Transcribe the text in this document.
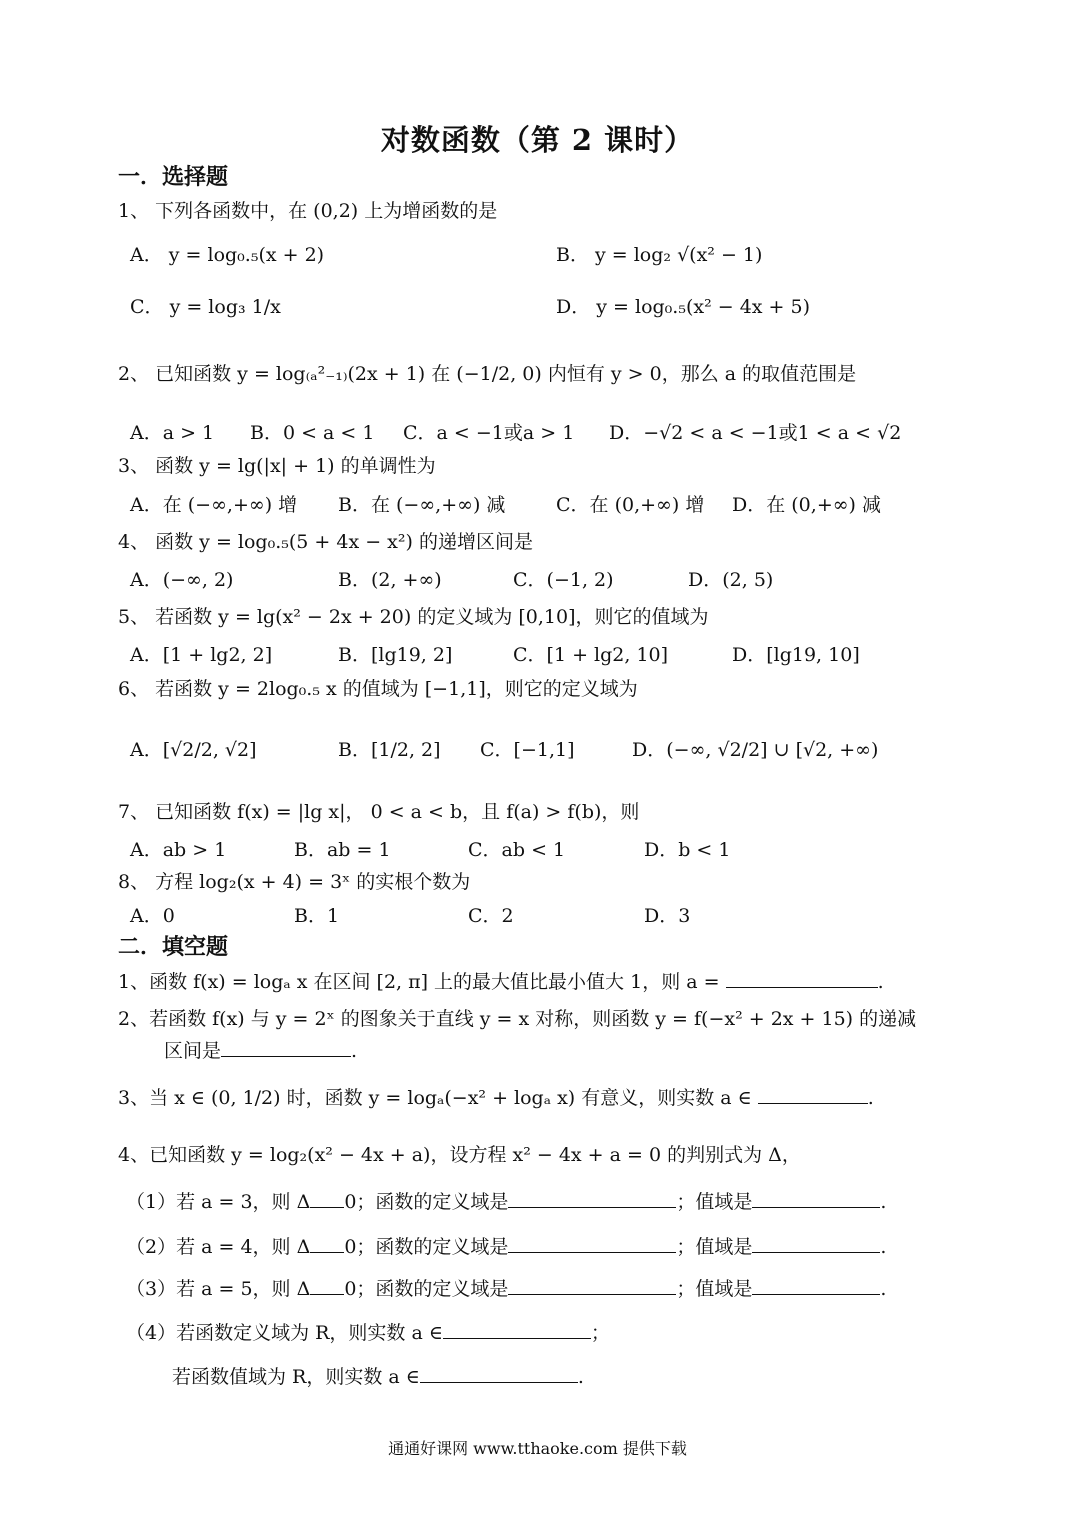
对数函数（第 2 课时）
一．选择题
1、 下列各函数中，在 (0,2) 上为增函数的是
A． y = log₀.₅(x + 2)	B． y = log₂ √(x² − 1)
C． y = log₃ 1/x	D． y = log₀.₅(x² − 4x + 5)
2、 已知函数 y = log₍ₐ²₋₁₎(2x + 1) 在 (−1/2, 0) 内恒有 y > 0，那么 a 的取值范围是
A．a > 1 B．0 < a < 1 C．a < −1或a > 1 D．−√2 < a < −1或1 < a < √2
3、 函数 y = lg(|x| + 1) 的单调性为
A．在 (−∞,+∞) 增 B．在 (−∞,+∞) 减	C．在 (0,+∞) 增 D．在 (0,+∞) 减
4、 函数 y = log₀.₅(5 + 4x − x²) 的递增区间是
A．(−∞, 2)	B．(2, +∞)	C．(−1, 2)	D．(2, 5)
5、 若函数 y = lg(x² − 2x + 20) 的定义域为 [0,10]，则它的值域为
A．[1 + lg2, 2]	B．[lg19, 2]	C．[1 + lg2, 10]	D．[lg19, 10]
6、 若函数 y = 2log₀.₅ x 的值域为 [−1,1]，则它的定义域为
A．[√2/2, √2]	B．[1/2, 2] C．[−1,1]	D．(−∞, √2/2] ∪ [√2, +∞)
7、 已知函数 f(x) = |lg x|， 0 < a < b，且 f(a) > f(b)，则
A．ab > 1	B．ab = 1	C．ab < 1	D．b < 1
8、 方程 log₂(x + 4) = 3ˣ 的实根个数为
A．0	B．1	C．2	D．3
二．填空题
1、函数 f(x) = logₐ x 在区间 [2, π] 上的最大值比最小值大 1，则 a =	.
2、若函数 f(x) 与 y = 2ˣ 的图象关于直线 y = x 对称，则函数 y = f(−x² + 2x + 15) 的递减
区间是	.
3、当 x ∈ (0, 1/2) 时，函数 y = logₐ(−x² + logₐ x) 有意义，则实数 a ∈	.
4、已知函数 y = log₂(x² − 4x + a)，设方程 x² − 4x + a = 0 的判别式为 Δ，
（1）若 a = 3，则 Δ 0；函数的定义域是	；值域是	.
（2）若 a = 4，则 Δ 0；函数的定义域是	；值域是	.
（3）若 a = 5，则 Δ 0；函数的定义域是	；值域是	.
（4）若函数定义域为 R，则实数 a ∈	；
若函数值域为 R，则实数 a ∈	.
通通好课网 www.tthaoke.com 提供下载
